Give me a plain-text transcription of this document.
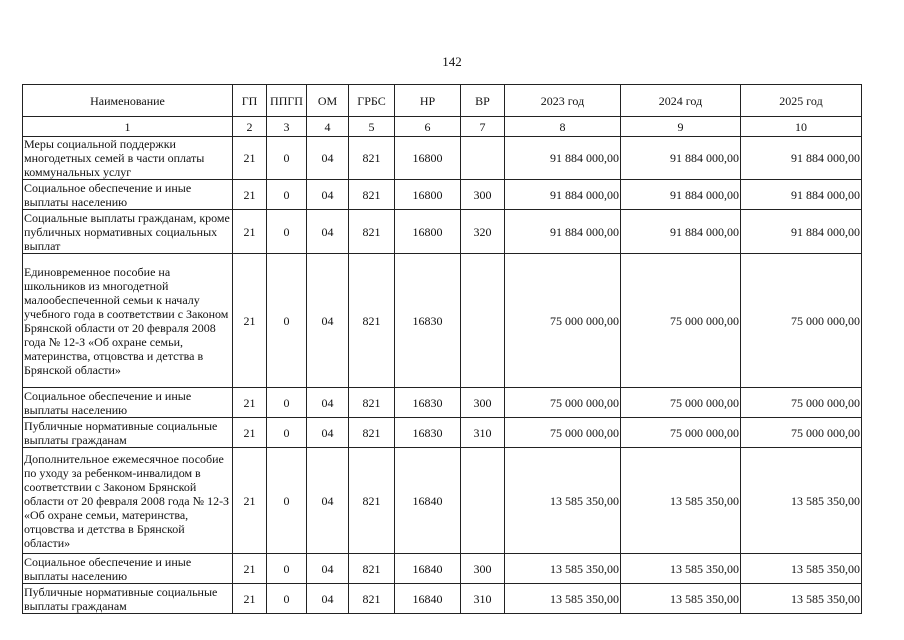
142
Наименование	ГП	ППГП	ОМ	ГРБС	НР	ВР	2023 год	2024 год	2025 год
1	2	3	4	5	6	7	8	9	10
Меры социальной поддержки многодетных семей в части оплаты коммунальных услуг	21	0	04	821	16800		91 884 000,00	91 884 000,00	91 884 000,00
Социальное обеспечение и иные выплаты населению	21	0	04	821	16800	300	91 884 000,00	91 884 000,00	91 884 000,00
Социальные выплаты гражданам, кроме публичных нормативных социальных выплат	21	0	04	821	16800	320	91 884 000,00	91 884 000,00	91 884 000,00
Единовременное пособие на школьников из многодетной малообеспеченной семьи к началу учебного года в соответствии с Законом Брянской области от 20 февраля 2008 года № 12-З «Об охране семьи, материнства, отцовства и детства в Брянской области»	21	0	04	821	16830		75 000 000,00	75 000 000,00	75 000 000,00
Социальное обеспечение и иные выплаты населению	21	0	04	821	16830	300	75 000 000,00	75 000 000,00	75 000 000,00
Публичные нормативные социальные выплаты гражданам	21	0	04	821	16830	310	75 000 000,00	75 000 000,00	75 000 000,00
Дополнительное ежемесячное пособие по уходу за ребенком-инвалидом в соответствии с Законом Брянской области от 20 февраля 2008 года № 12-З «Об охране семьи, материнства, отцовства и детства в Брянской области»	21	0	04	821	16840		13 585 350,00	13 585 350,00	13 585 350,00
Социальное обеспечение и иные выплаты населению	21	0	04	821	16840	300	13 585 350,00	13 585 350,00	13 585 350,00
Публичные нормативные социальные выплаты гражданам	21	0	04	821	16840	310	13 585 350,00	13 585 350,00	13 585 350,00
